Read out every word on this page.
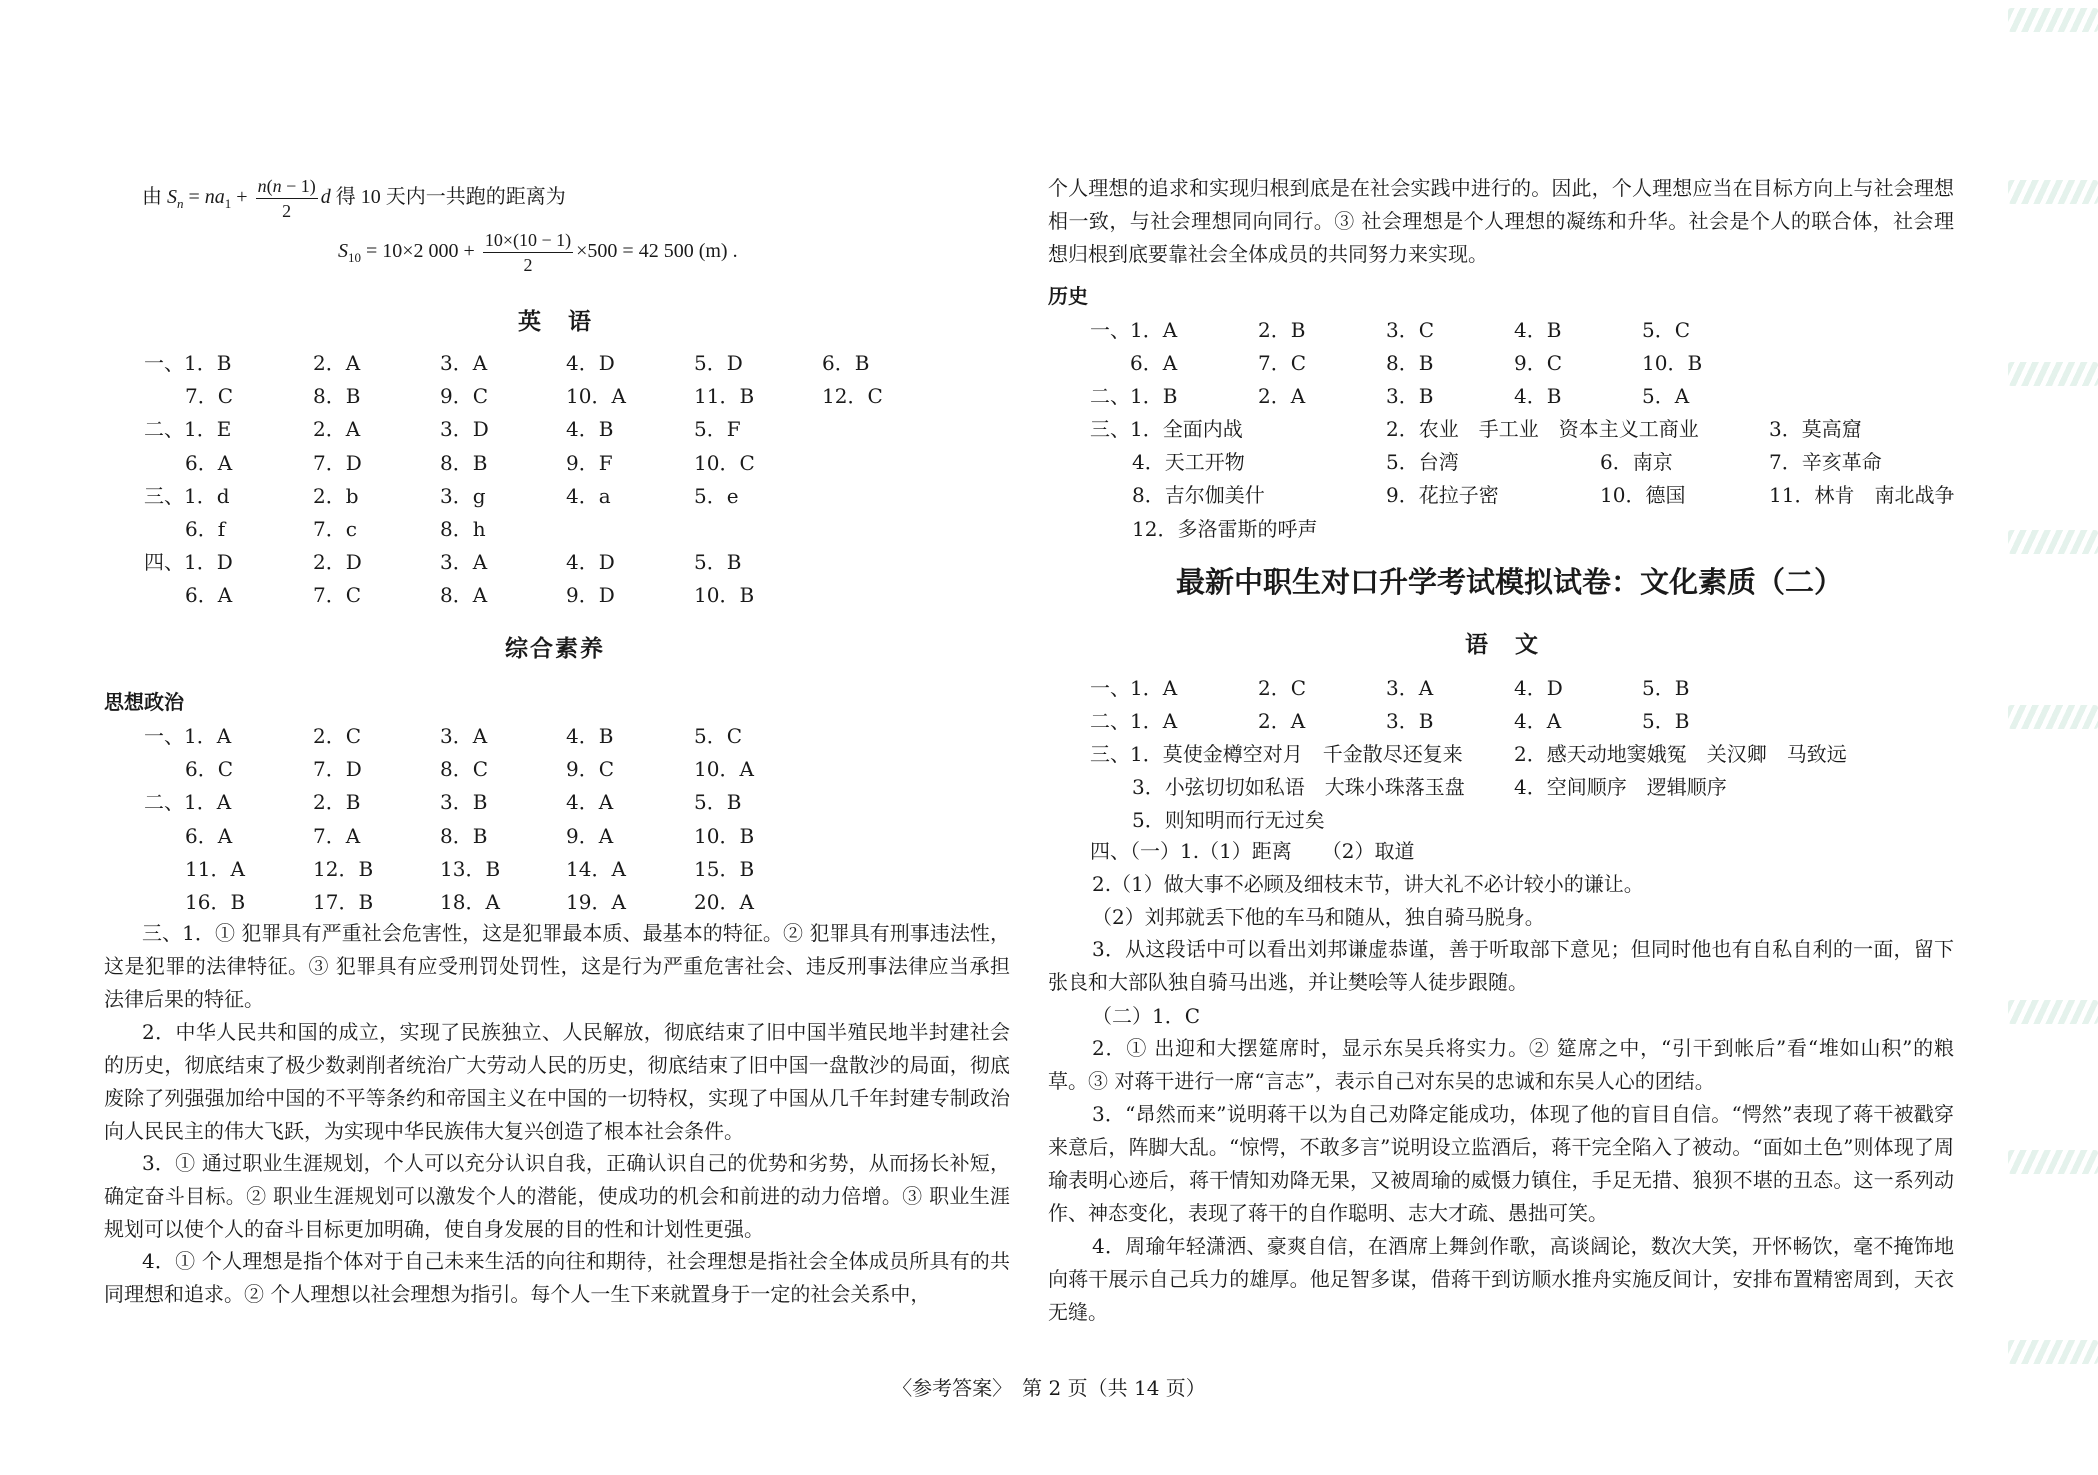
由 $S_n = na_1 + \frac{n(n - 1)}{2}$ d 得 10 天内一共跑的距离为
$S_{10} = 10\times 2$ $000 + \frac{10\times(10 - 1)}{2} \times 500 = 42$ 500 (m) .
英　语
一、1．B	2．A	3．A	4．D	5．D	6．B
7．C	8．B	9．C	10．A	11．B	12．C
二、1．E	2．A	3．D	4．B	5．F
6．A	7．D	8．B	9．F	10．C
三、1．d	2．b	3．g	4．a	5．e
6．f	7．c	8．h
四、1．D	2．D	3．A	4．D	5．B
6．A	7．C	8．A	9．D	10．B
综合素养
思想政治
一、1．A	2．C	3．A	4．B	5．C
6．C	7．D	8．C	9．C	10．A
二、1．A	2．B	3．B	4．A	5．B
6．A	7．A	8．B	9．A	10．B
11．A	12．B	13．B	14．A	15．B
16．B	17．B	18．A	19．A	20．A
三、1．① 犯罪具有严重社会危害性，这是犯罪最本质、最基本的特征。② 犯罪具有刑事违法性，这是犯罪的法律特征。③ 犯罪具有应受刑罚处罚性，这是行为严重危害社会、违反刑事法律应当承担法律后果的特征。
2．中华人民共和国的成立，实现了民族独立、人民解放，彻底结束了旧中国半殖民地半封建社会的历史，彻底结束了极少数剥削者统治广大劳动人民的历史，彻底结束了旧中国一盘散沙的局面，彻底废除了列强强加给中国的不平等条约和帝国主义在中国的一切特权，实现了中国从几千年封建专制政治向人民民主的伟大飞跃，为实现中华民族伟大复兴创造了根本社会条件。
3．① 通过职业生涯规划，个人可以充分认识自我，正确认识自己的优势和劣势，从而扬长补短，确定奋斗目标。② 职业生涯规划可以激发个人的潜能，使成功的机会和前进的动力倍增。③ 职业生涯规划可以使个人的奋斗目标更加明确，使自身发展的目的性和计划性更强。
4．① 个人理想是指个体对于自己未来生活的向往和期待，社会理想是指社会全体成员所具有的共同理想和追求。② 个人理想以社会理想为指引。每个人一生下来就置身于一定的社会关系中，
个人理想的追求和实现归根到底是在社会实践中进行的。因此，个人理想应当在目标方向上与社会理想相一致，与社会理想同向同行。③ 社会理想是个人理想的凝练和升华。社会是个人的联合体，社会理想归根到底要靠社会全体成员的共同努力来实现。
历史
一、1．A	2．B	3．C	4．B	5．C
6．A	7．C	8．B	9．C	10．B
二、1．B	2．A	3．B	4．B	5．A
三、1．全面内战	2．农业　手工业　资本主义工商业	3．莫高窟
4．天工开物	5．台湾	6．南京	7．辛亥革命
8．吉尔伽美什	9．花拉子密	10．德国	11．林肯　南北战争
12．多洛雷斯的呼声
最新中职生对口升学考试模拟试卷：文化素质（二）
语　文
一、1．A	2．C	3．A	4．D	5．B
二、1．A	2．A	3．B	4．A	5．B
三、1．莫使金樽空对月　千金散尽还复来	2．感天动地窦娥冤　关汉卿　马致远
3．小弦切切如私语　大珠小珠落玉盘 4．空间顺序　逻辑顺序
5．则知明而行无过矣
四、（一）1.（1）距离　　（2）取道
2.（1）做大事不必顾及细枝末节，讲大礼不必计较小的谦让。
（2）刘邦就丢下他的车马和随从，独自骑马脱身。
3．从这段话中可以看出刘邦谦虚恭谨，善于听取部下意见；但同时他也有自私自利的一面，留下张良和大部队独自骑马出逃，并让樊哙等人徒步跟随。
（二）1．C
2．① 出迎和大摆筵席时，显示东吴兵将实力。② 筵席之中，“引干到帐后”看“堆如山积”的粮草。③ 对蒋干进行一席“言志”，表示自己对东吴的忠诚和东吴人心的团结。
3．“昂然而来”说明蒋干以为自己劝降定能成功，体现了他的盲目自信。“愕然”表现了蒋干被戳穿来意后，阵脚大乱。“惊愕，不敢多言”说明设立监酒后，蒋干完全陷入了被动。“面如土色”则体现了周瑜表明心迹后，蒋干情知劝降无果，又被周瑜的威慑力镇住，手足无措、狼狈不堪的丑态。这一系列动作、神态变化，表现了蒋干的自作聪明、志大才疏、愚拙可笑。
4．周瑜年轻潇洒、豪爽自信，在酒席上舞剑作歌，高谈阔论，数次大笑，开怀畅饮，毫不掩饰地向蒋干展示自己兵力的雄厚。他足智多谋，借蒋干到访顺水推舟实施反间计，安排布置精密周到，天衣无缝。
〈参考答案〉　第 2 页（共 14 页）
